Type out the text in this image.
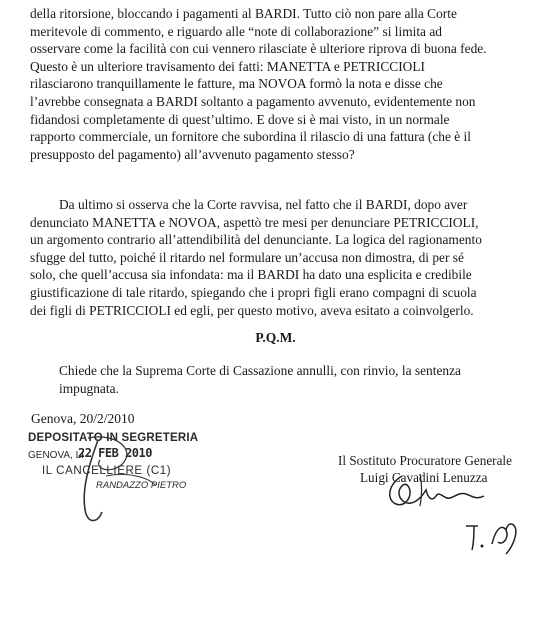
della ritorsione, bloccando i pagamenti al BARDI. Tutto ciò non pare alla Corte
meritevole di commento, e riguardo alle “note di collaborazione” si limita ad
osservare come la facilità con cui vennero rilasciate è ulteriore riprova di buona fede.
Questo è un ulteriore travisamento dei fatti: MANETTA e PETRICCIOLI
rilasciarono tranquillamente le fatture, ma NOVOA formò la nota e disse che
l’avrebbe consegnata a BARDI soltanto a pagamento avvenuto, evidentemente non
fidandosi completamente di quest’ultimo. E dove si è mai visto, in un normale
rapporto commerciale, un fornitore che subordina il rilascio di una fattura (che è il
presupposto del pagamento) all’avvenuto pagamento stesso?
Da ultimo si osserva che la Corte ravvisa, nel fatto che il BARDI, dopo aver
denunciato MANETTA e NOVOA, aspettò tre mesi per denunciare PETRICCIOLI,
un argomento contrario all’attendibilità del denunciante. La logica del ragionamento
sfugge del tutto, poiché il ritardo nel formulare un’accusa non dimostra, di per sé
solo, che quell’accusa sia infondata: ma il BARDI ha dato una esplicita e credibile
giustificazione di tale ritardo, spiegando che i propri figli erano compagni di scuola
dei figli di PETRICCIOLI ed egli, per questo motivo, aveva esitato a coinvolgerlo.
P.Q.M.
Chiede che la Suprema Corte di Cassazione annulli, con rinvio, la sentenza
impugnata.
Genova, 20/2/2010
DEPOSITATO IN SEGRETERIA
GENOVA, LI
22 FEB 2010
IL CANCELLIERE (C1)
RANDAZZO PIETRO
Il Sostituto Procuratore Generale
Luigi Cavadini Lenuzza
